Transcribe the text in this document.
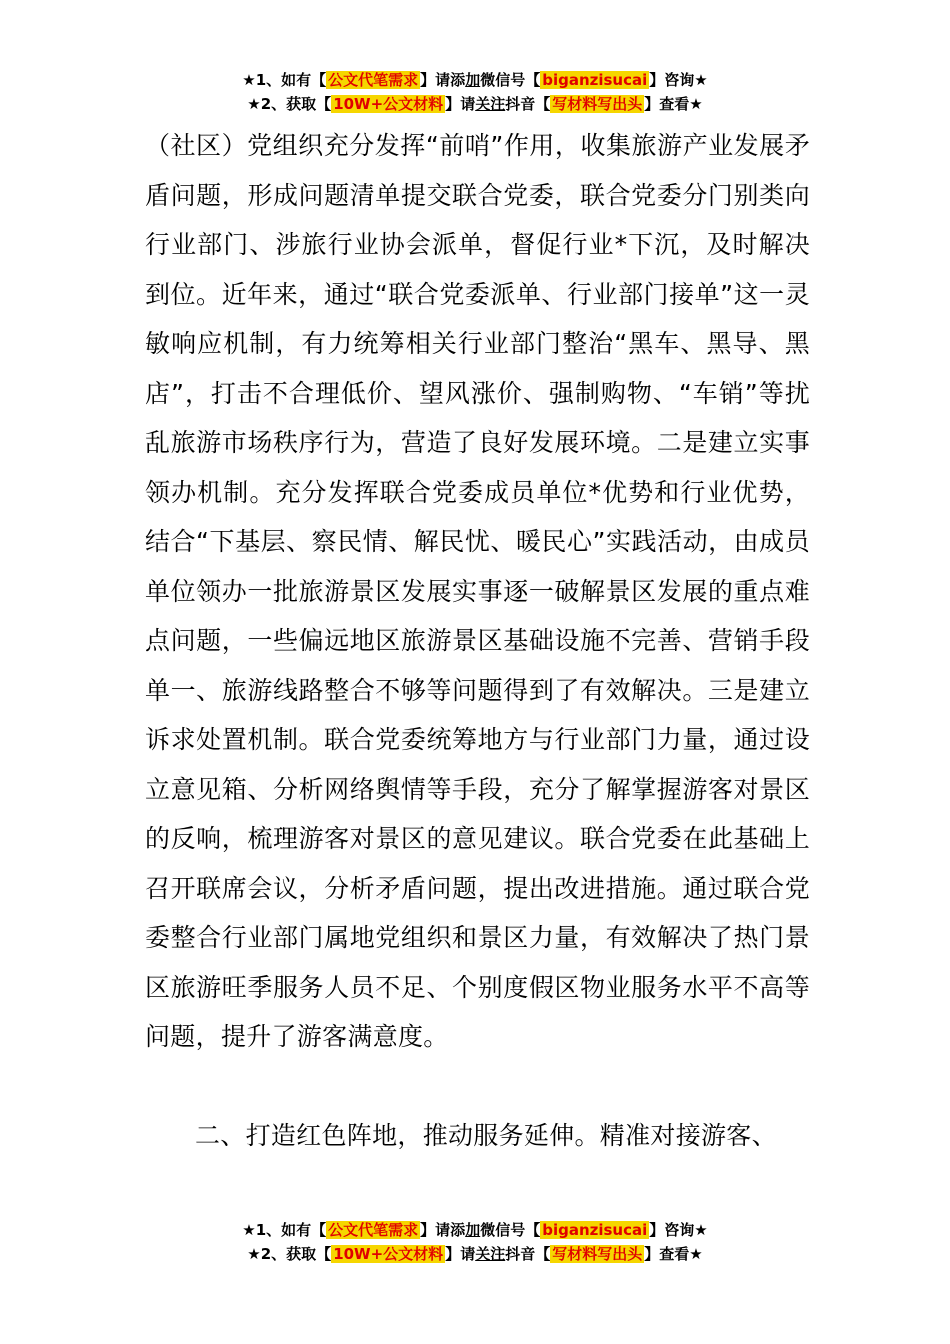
★1、如有【 公文代笔需求 】请添加微信号【 biganzisucai 】咨询★
★2、获取【 10W+公文材料 】请关注抖音【 写材料写出头 】查看★

（社区）党组织充分发挥“前哨”作用，收集旅游产业发展矛盾问题，形成问题清单提交联合党委，联合党委分门别类向行业部门、涉旅行业协会派单，督促行业*下沉，及时解决到位。近年来，通过“联合党委派单、行业部门接单”这一灵敏响应机制，有力统筹相关行业部门整治“黑车、黑导、黑店”，打击不合理低价、望风涨价、强制购物、“车销”等扰乱旅游市场秩序行为，营造了良好发展环境。二是建立实事领办机制。充分发挥联合党委成员单位*优势和行业优势，结合“下基层、察民情、解民忧、暖民心”实践活动，由成员单位领办一批旅游景区发展实事逐一破解景区发展的重点难点问题，一些偏远地区旅游景区基础设施不完善、营销手段单一、旅游线路整合不够等问题得到了有效解决。三是建立诉求处置机制。联合党委统筹地方与行业部门力量，通过设立意见箱、分析网络舆情等手段，充分了解掌握游客对景区的反响，梳理游客对景区的意见建议。联合党委在此基础上召开联席会议，分析矛盾问题，提出改进措施。通过联合党委整合行业部门属地党组织和景区力量，有效解决了热门景区旅游旺季服务人员不足、个别度假区物业服务水平不高等问题，提升了游客满意度。

二、打造红色阵地，推动服务延伸。精准对接游客、

★1、如有【 公文代笔需求 】请添加微信号【 biganzisucai 】咨询★
★2、获取【 10W+公文材料 】请关注抖音【 写材料写出头 】查看★
